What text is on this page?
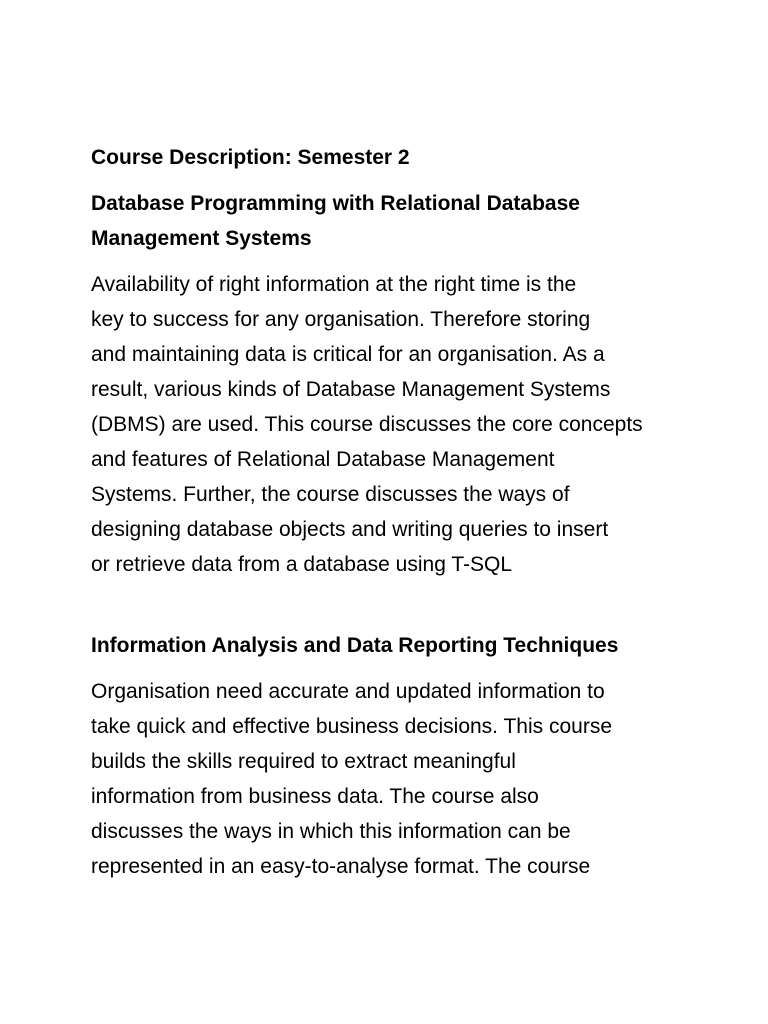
Course Description: Semester 2

Database Programming with Relational Database
Management Systems
Availability of right information at the right time is the
key to success for any organisation. Therefore storing
and maintaining data is critical for an organisation. As a
result, various kinds of Database Management Systems
(DBMS) are used. This course discusses the core concepts
and features of Relational Database Management
Systems. Further, the course discusses the ways of
designing database objects and writing queries to insert
or retrieve data from a database using T-SQL
Information Analysis and Data Reporting Techniques
Organisation need accurate and updated information to
take quick and effective business decisions. This course
builds the skills required to extract meaningful
information from business data. The course also
discusses the ways in which this information can be
represented in an easy-to-analyse format. The course
